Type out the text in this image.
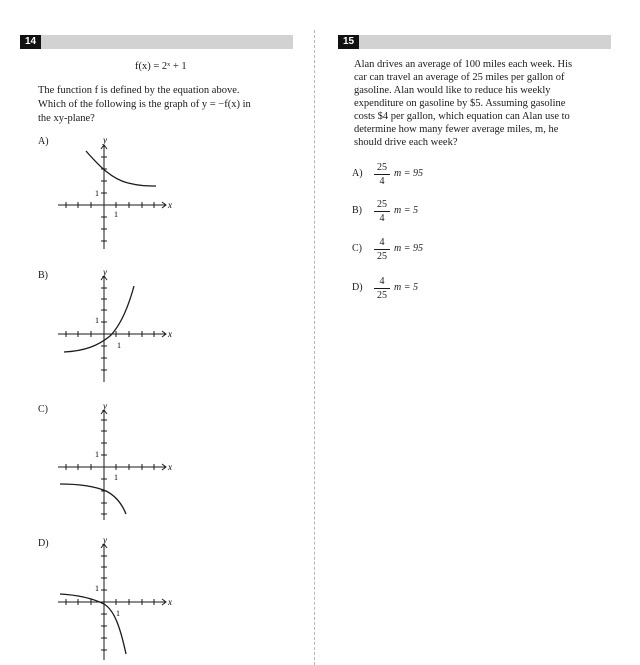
14	15
f(x) = 2ˣ + 1
The function f is defined by the equation above.
Which of the following is the graph of y = −f(x) in
the xy-plane?
A)	y
x
1
1
B)	y
x
1
1
C)	y
x
1
1
D)	y
x
1
1
Alan drives an average of 100 miles each week. His
car can travel an average of 25 miles per gallon of
gasoline. Alan would like to reduce his weekly
expenditure on gasoline by $5. Assuming gasoline
costs $4 per gallon, which equation can Alan use to
determine how many fewer average miles, m, he
should drive each week?
$A) \frac{25}{4}$ m = 95
$B) \frac{25}{4}$ m = 5
$C) \frac{4}{25}$ m = 95
$D) \frac{4}{25}$ m = 5
